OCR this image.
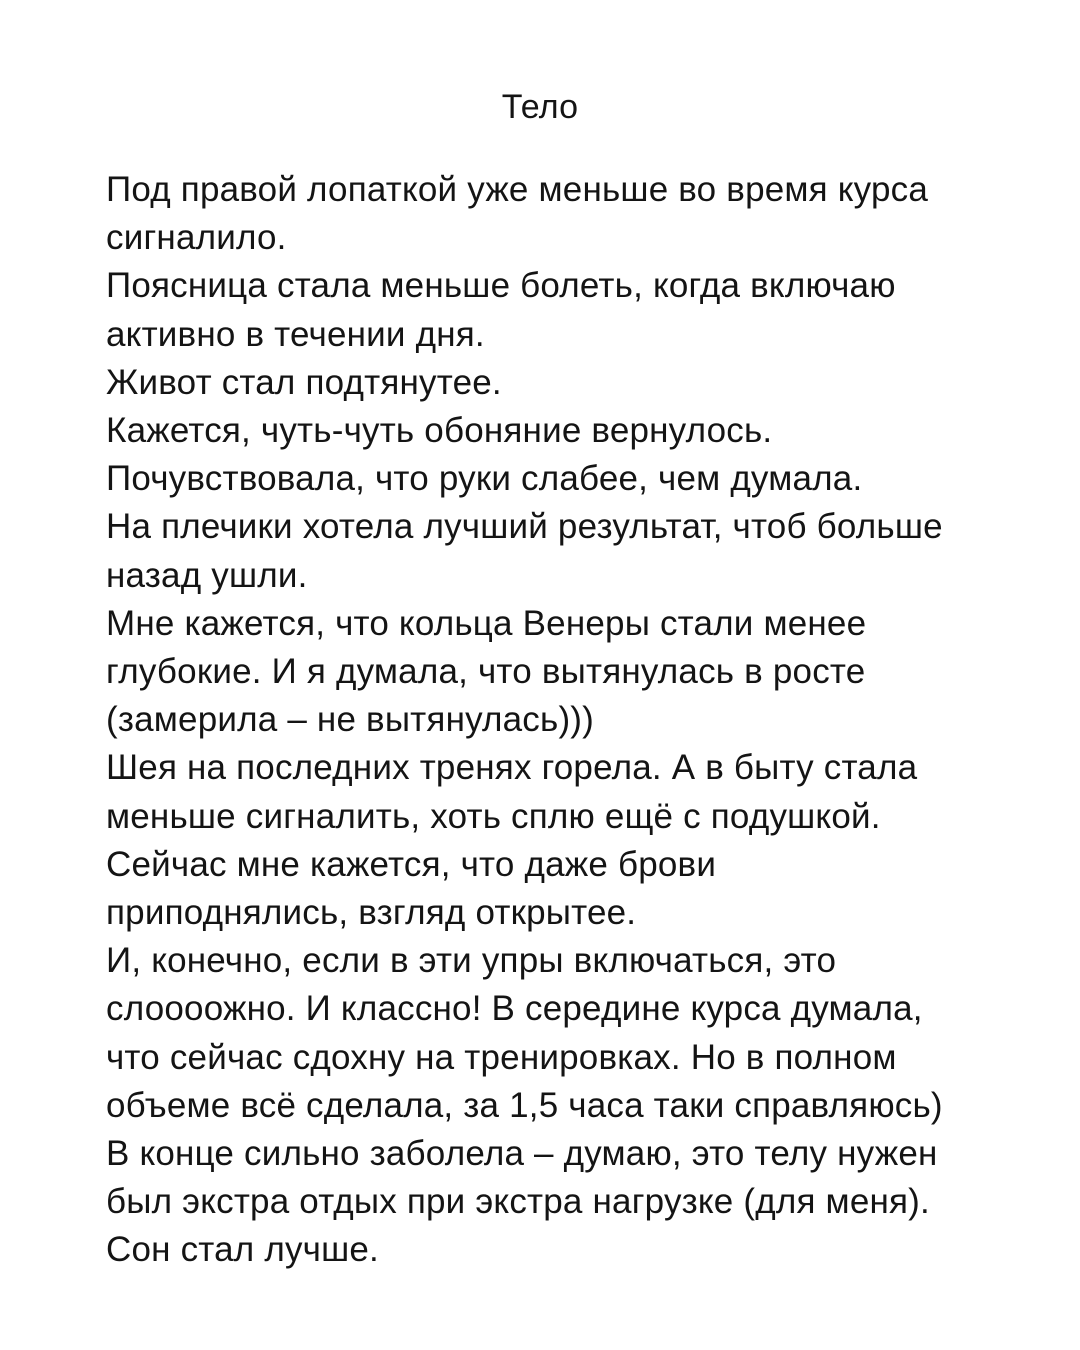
Тело
Под правой лопаткой уже меньше во время курса
сигналило.
Поясница стала меньше болеть, когда включаю
активно в течении дня.
Живот стал подтянутее.
Кажется, чуть-чуть обоняние вернулось.
Почувствовала, что руки слабее, чем думала.
На плечики хотела лучший результат, чтоб больше
назад ушли.
Мне кажется, что кольца Венеры стали менее
глубокие. И я думала, что вытянулась в росте
(замерила – не вытянулась)))
Шея на последних тренях горела. А в быту стала
меньше сигналить, хоть сплю ещё с подушкой.
Сейчас мне кажется, что даже брови
приподнялись, взгляд открытее.
И, конечно, если в эти упры включаться, это
слоооожно. И классно! В середине курса думала,
что сейчас сдохну на тренировках. Но в полном
объеме всё сделала, за 1,5 часа таки справляюсь)
В конце сильно заболела – думаю, это телу нужен
был экстра отдых при экстра нагрузке (для меня).
Сон стал лучше.
